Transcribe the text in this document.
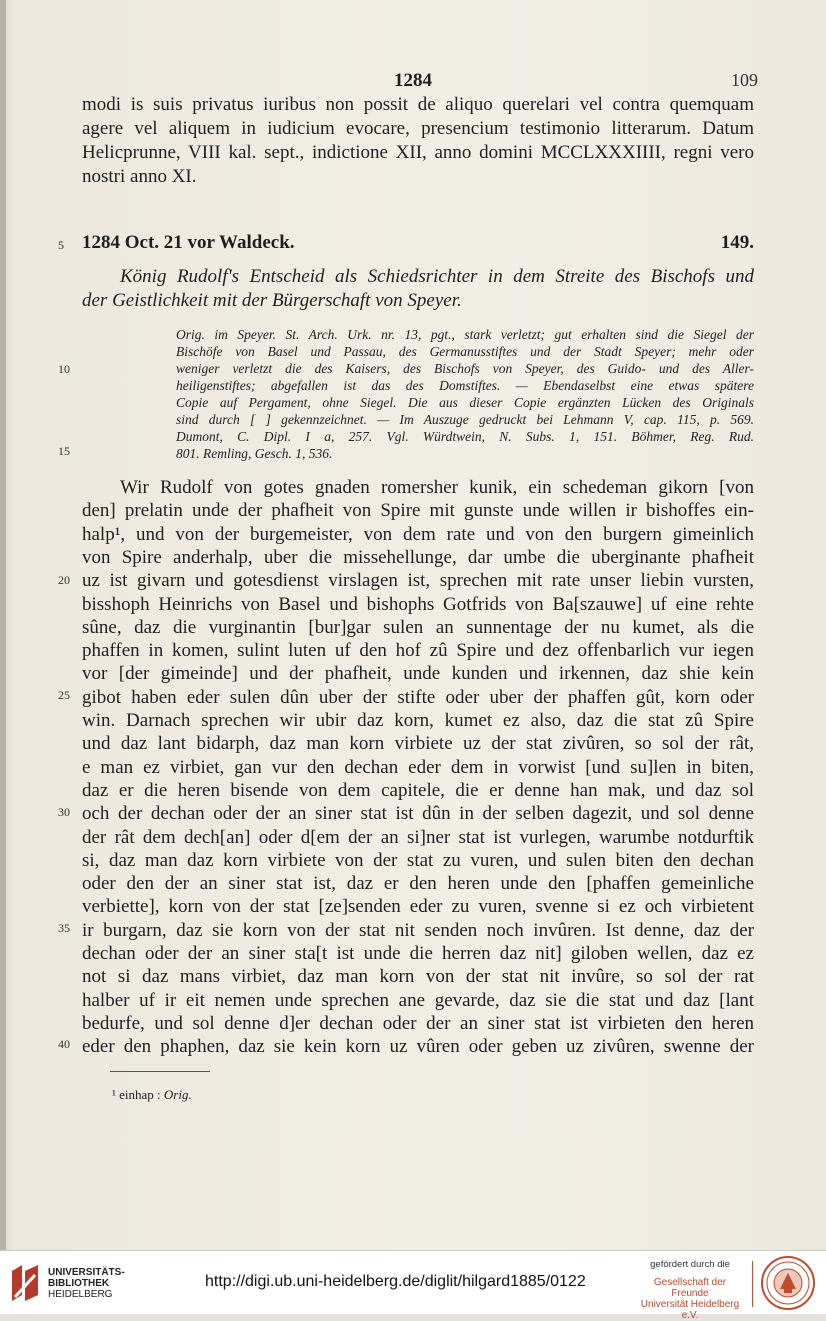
1284	109
modi is suis privatus iuribus non possit de aliquo querelari vel contra quemquam
agere vel aliquem in iudicium evocare, presencium testimonio litterarum. Datum
Helicprunne, VIII kal. sept., indictione XII, anno domini MCCLXXXIIII, regni vero
nostri anno XI.
5 1284 Oct. 21 vor Waldeck.	149.
König Rudolf's Entscheid als Schiedsrichter in dem Streite des Bischofs und
der Geistlichkeit mit der Bürgerschaft von Speyer.
10
15
Orig. im Speyer. St. Arch. Urk. nr. 13, pgt., stark verletzt; gut erhalten sind die Siegel der
Bischöfe von Basel und Passau, des Germanusstiftes und der Stadt Speyer; mehr oder
weniger verletzt die des Kaisers, des Bischofs von Speyer, des Guido- und des Aller-
heiligenstiftes; abgefallen ist das des Domstiftes. — Ebendaselbst eine etwas spätere
Copie auf Pergament, ohne Siegel. Die aus dieser Copie ergänzten Lücken des Originals
sind durch [ ] gekennzeichnet. — Im Auszuge gedruckt bei Lehmann V, cap. 115, p. 569.
Dumont, C. Dipl. I a, 257. Vgl. Würdtwein, N. Subs. 1, 151. Böhmer, Reg. Rud.
801. Remling, Gesch. 1, 536.
20
25
30
35
40
Wir Rudolf von gotes gnaden romersher kunik, ein schedeman gikorn [von
den] prelatin unde der phafheit von Spire mit gunste unde willen ir bishoffes ein-
halp¹, und von der burgemeister, von dem rate und von den burgern gimeinlich
von Spire anderhalp, uber die missehellunge, dar umbe die uberginante phafheit
uz ist givarn und gotesdienst virslagen ist, sprechen mit rate unser liebin vursten,
bisshoph Heinrichs von Basel und bishophs Gotfrids von Ba[szauwe] uf eine rehte
sûne, daz die vurginantin [bur]gar sulen an sunnentage der nu kumet, als die
phaffen in komen, sulint luten uf den hof zû Spire und dez offenbarlich vur iegen
vor [der gimeinde] und der phafheit, unde kunden und irkennen, daz shie kein
gibot haben eder sulen dûn uber der stifte oder uber der phaffen gût, korn oder
win. Darnach sprechen wir ubir daz korn, kumet ez also, daz die stat zû Spire
und daz lant bidarph, daz man korn virbiete uz der stat zivûren, so sol der rât,
e man ez virbiet, gan vur den dechan eder dem in vorwist [und su]len in biten,
daz er die heren bisende von dem capitele, die er denne han mak, und daz sol
och der dechan oder der an siner stat ist dûn in der selben dagezit, und sol denne
der rât dem dech[an] oder d[em der an si]ner stat ist vurlegen, warumbe notdurftik
si, daz man daz korn virbiete von der stat zu vuren, und sulen biten den dechan
oder den der an siner stat ist, daz er den heren unde den [phaffen gemeinliche
verbiette], korn von der stat [ze]senden eder zu vuren, svenne si ez och virbietent
ir burgarn, daz sie korn von der stat nit senden noch invûren. Ist denne, daz der
dechan oder der an siner sta[t ist unde die herren daz nit] giloben wellen, daz ez
not si daz mans virbiet, daz man korn von der stat nit invûre, so sol der rat
halber uf ir eit nemen unde sprechen ane gevarde, daz sie die stat und daz [lant
bedurfe, und sol denne d]er dechan oder der an siner stat ist virbieten den heren
eder den phaphen, daz sie kein korn uz vûren oder geben uz zivûren, swenne der
¹ einhap : Orig.
UNIVERSITÄTS-
BIBLIOTHEK
HEIDELBERG
http://digi.ub.uni-heidelberg.de/diglit/hilgard1885/0122
gefördert durch die
Gesellschaft der Freunde
Universität Heidelberg e.V.
